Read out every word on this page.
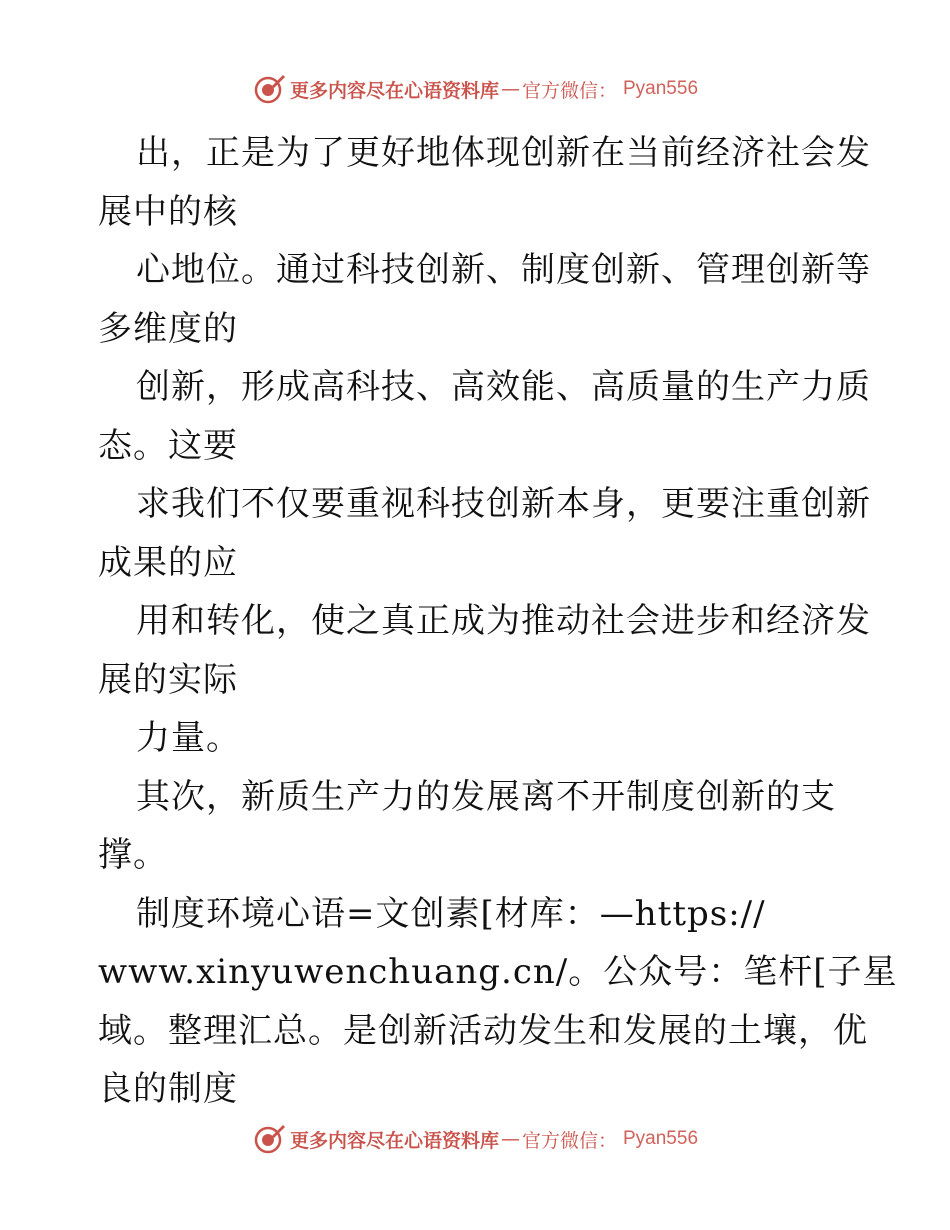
更多内容尽在心语资料库 — 官方微信： Pyan556

出，正是为了更好地体现创新在当前经济社会发
展中的核

心地位。通过科技创新、制度创新、管理创新等
多维度的

创新，形成高科技、高效能、高质量的生产力质
态。这要

求我们不仅要重视科技创新本身，更要注重创新
成果的应

用和转化，使之真正成为推动社会进步和经济发
展的实际

力量。

其次，新质生产力的发展离不开制度创新的支
撑。

制度环境心语=文创素[材库：—https://

www.xinyuwenchuang.cn/。公众号：笔杆[子星

域。整理汇总。是创新活动发生和发展的土壤，优

良的制度

更多内容尽在心语资料库 — 官方微信： Pyan556
